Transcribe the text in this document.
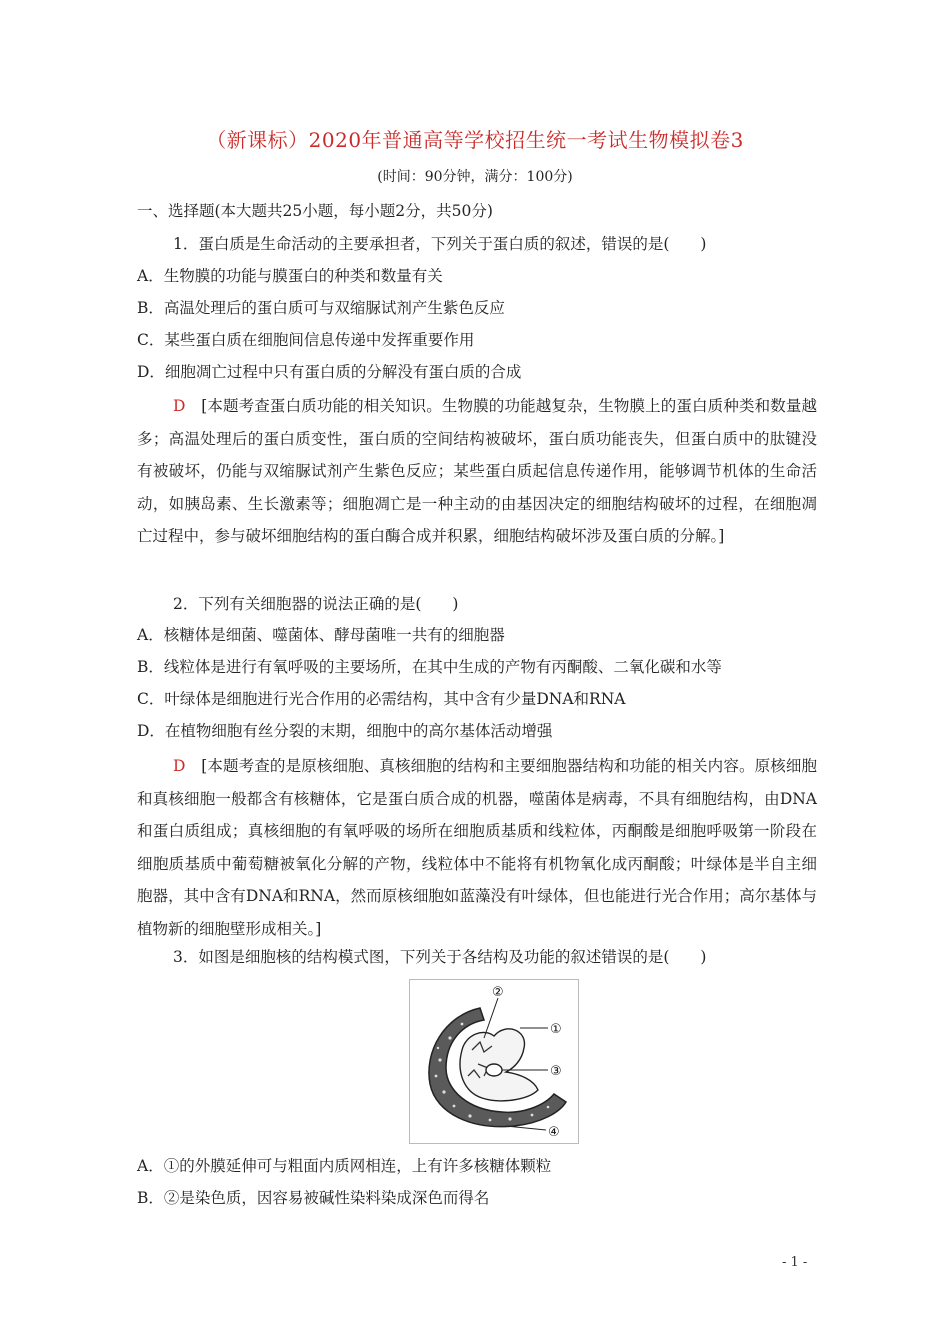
（新课标）2020年普通高等学校招生统一考试生物模拟卷3
(时间：90分钟，满分：100分)
一、选择题(本大题共25小题，每小题2分，共50分)
1．蛋白质是生命活动的主要承担者，下列关于蛋白质的叙述，错误的是(　　)
A．生物膜的功能与膜蛋白的种类和数量有关
B．高温处理后的蛋白质可与双缩脲试剂产生紫色反应
C．某些蛋白质在细胞间信息传递中发挥重要作用
D．细胞凋亡过程中只有蛋白质的分解没有蛋白质的合成
D　 [本题考查蛋白质功能的相关知识。生物膜的功能越复杂，生物膜上的蛋白质种类和数量越多；高温处理后的蛋白质变性，蛋白质的空间结构被破坏，蛋白质功能丧失，但蛋白质中的肽键没有被破坏，仍能与双缩脲试剂产生紫色反应；某些蛋白质起信息传递作用，能够调节机体的生命活动，如胰岛素、生长激素等；细胞凋亡是一种主动的由基因决定的细胞结构破坏的过程，在细胞凋亡过程中，参与破坏细胞结构的蛋白酶合成并积累，细胞结构破坏涉及蛋白质的分解。]
2．下列有关细胞器的说法正确的是(　　)
A．核糖体是细菌、噬菌体、酵母菌唯一共有的细胞器
B．线粒体是进行有氧呼吸的主要场所，在其中生成的产物有丙酮酸、二氧化碳和水等
C．叶绿体是细胞进行光合作用的必需结构，其中含有少量DNA和RNA
D．在植物细胞有丝分裂的末期，细胞中的高尔基体活动增强
D　 [本题考查的是原核细胞、真核细胞的结构和主要细胞器结构和功能的相关内容。原核细胞和真核细胞一般都含有核糖体，它是蛋白质合成的机器，噬菌体是病毒，不具有细胞结构，由DNA和蛋白质组成；真核细胞的有氧呼吸的场所在细胞质基质和线粒体，丙酮酸是细胞呼吸第一阶段在细胞质基质中葡萄糖被氧化分解的产物，线粒体中不能将有机物氧化成丙酮酸；叶绿体是半自主细胞器，其中含有DNA和RNA，然而原核细胞如蓝藻没有叶绿体，但也能进行光合作用；高尔基体与植物新的细胞壁形成相关。]
3．如图是细胞核的结构模式图，下列关于各结构及功能的叙述错误的是(　　)
②
①
③
④
A．①的外膜延伸可与粗面内质网相连，上有许多核糖体颗粒
B．②是染色质，因容易被碱性染料染成深色而得名
- 1 -
